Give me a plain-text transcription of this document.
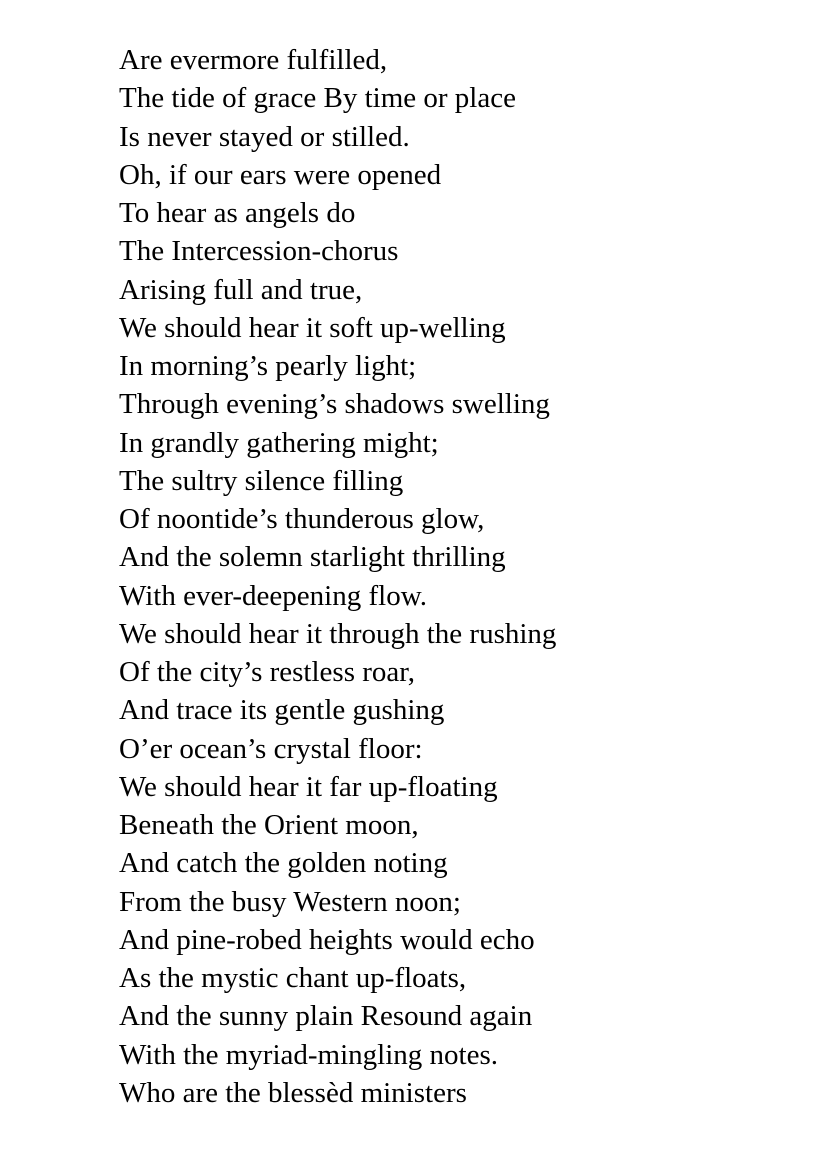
Are evermore fulfilled,
The tide of grace By time or place
Is never stayed or stilled.
Oh, if our ears were opened
To hear as angels do
The Intercession-chorus
Arising full and true,
We should hear it soft up-welling
In morning’s pearly light;
Through evening’s shadows swelling
In grandly gathering might;
The sultry silence filling
Of noontide’s thunderous glow,
And the solemn starlight thrilling
With ever-deepening flow.
We should hear it through the rushing
Of the city’s restless roar,
And trace its gentle gushing
O’er ocean’s crystal floor:
We should hear it far up-floating
Beneath the Orient moon,
And catch the golden noting
From the busy Western noon;
And pine-robed heights would echo
As the mystic chant up-floats,
And the sunny plain Resound again
With the myriad-mingling notes.
Who are the blessèd ministers
